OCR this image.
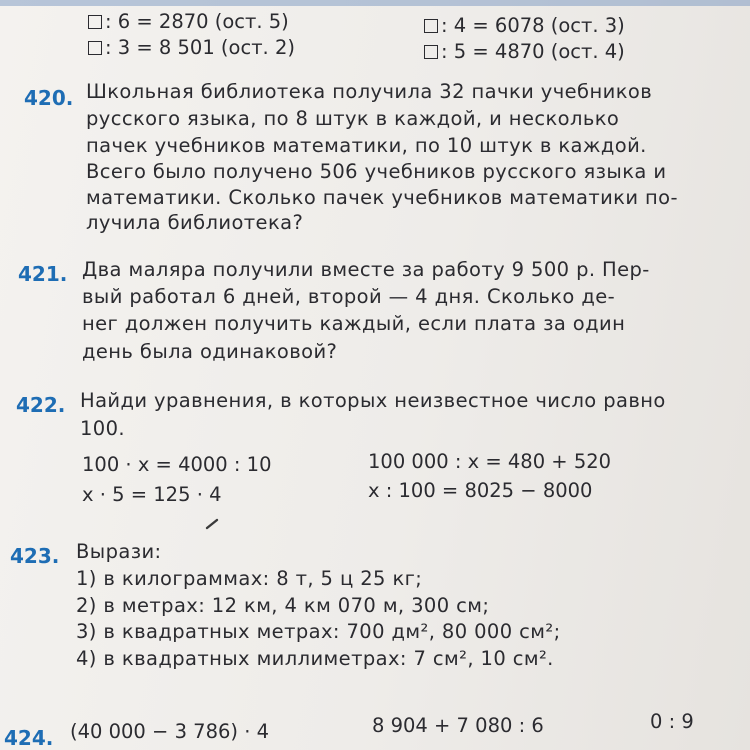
: 6 = 2870 (ост. 5)
: 3 = 8 501 (ост. 2)
: 4 = 6078 (ост. 3)
: 5 = 4870 (ост. 4)
420. Школьная библиотека получила 32 пачки учебников
русского языка, по 8 штук в каждой, и несколько
пачек учебников математики, по 10 штук в каждой.
Всего было получено 506 учебников русского языка и
математики. Сколько пачек учебников математики по-
лучила библиотека?
421. Два маляра получили вместе за работу 9 500 р. Пер-
вый работал 6 дней, второй — 4 дня. Сколько де-
нег должен получить каждый, если плата за один
день была одинаковой?
422. Найди уравнения, в которых неизвестное число равно
100.
100 · x = 4000 : 10
x · 5 = 125 · 4
100 000 : x = 480 + 520
x : 100 = 8025 − 8000
423. Вырази:
1) в килограммах: 8 т, 5 ц 25 кг;
2) в метрах: 12 км, 4 км 070 м, 300 см;
3) в квадратных метрах: 700 дм², 80 000 см²;
4) в квадратных миллиметрах: 7 см², 10 см².
424. (40 000 − 3 786) · 4	8 904 + 7 080 : 6	0 : 9
